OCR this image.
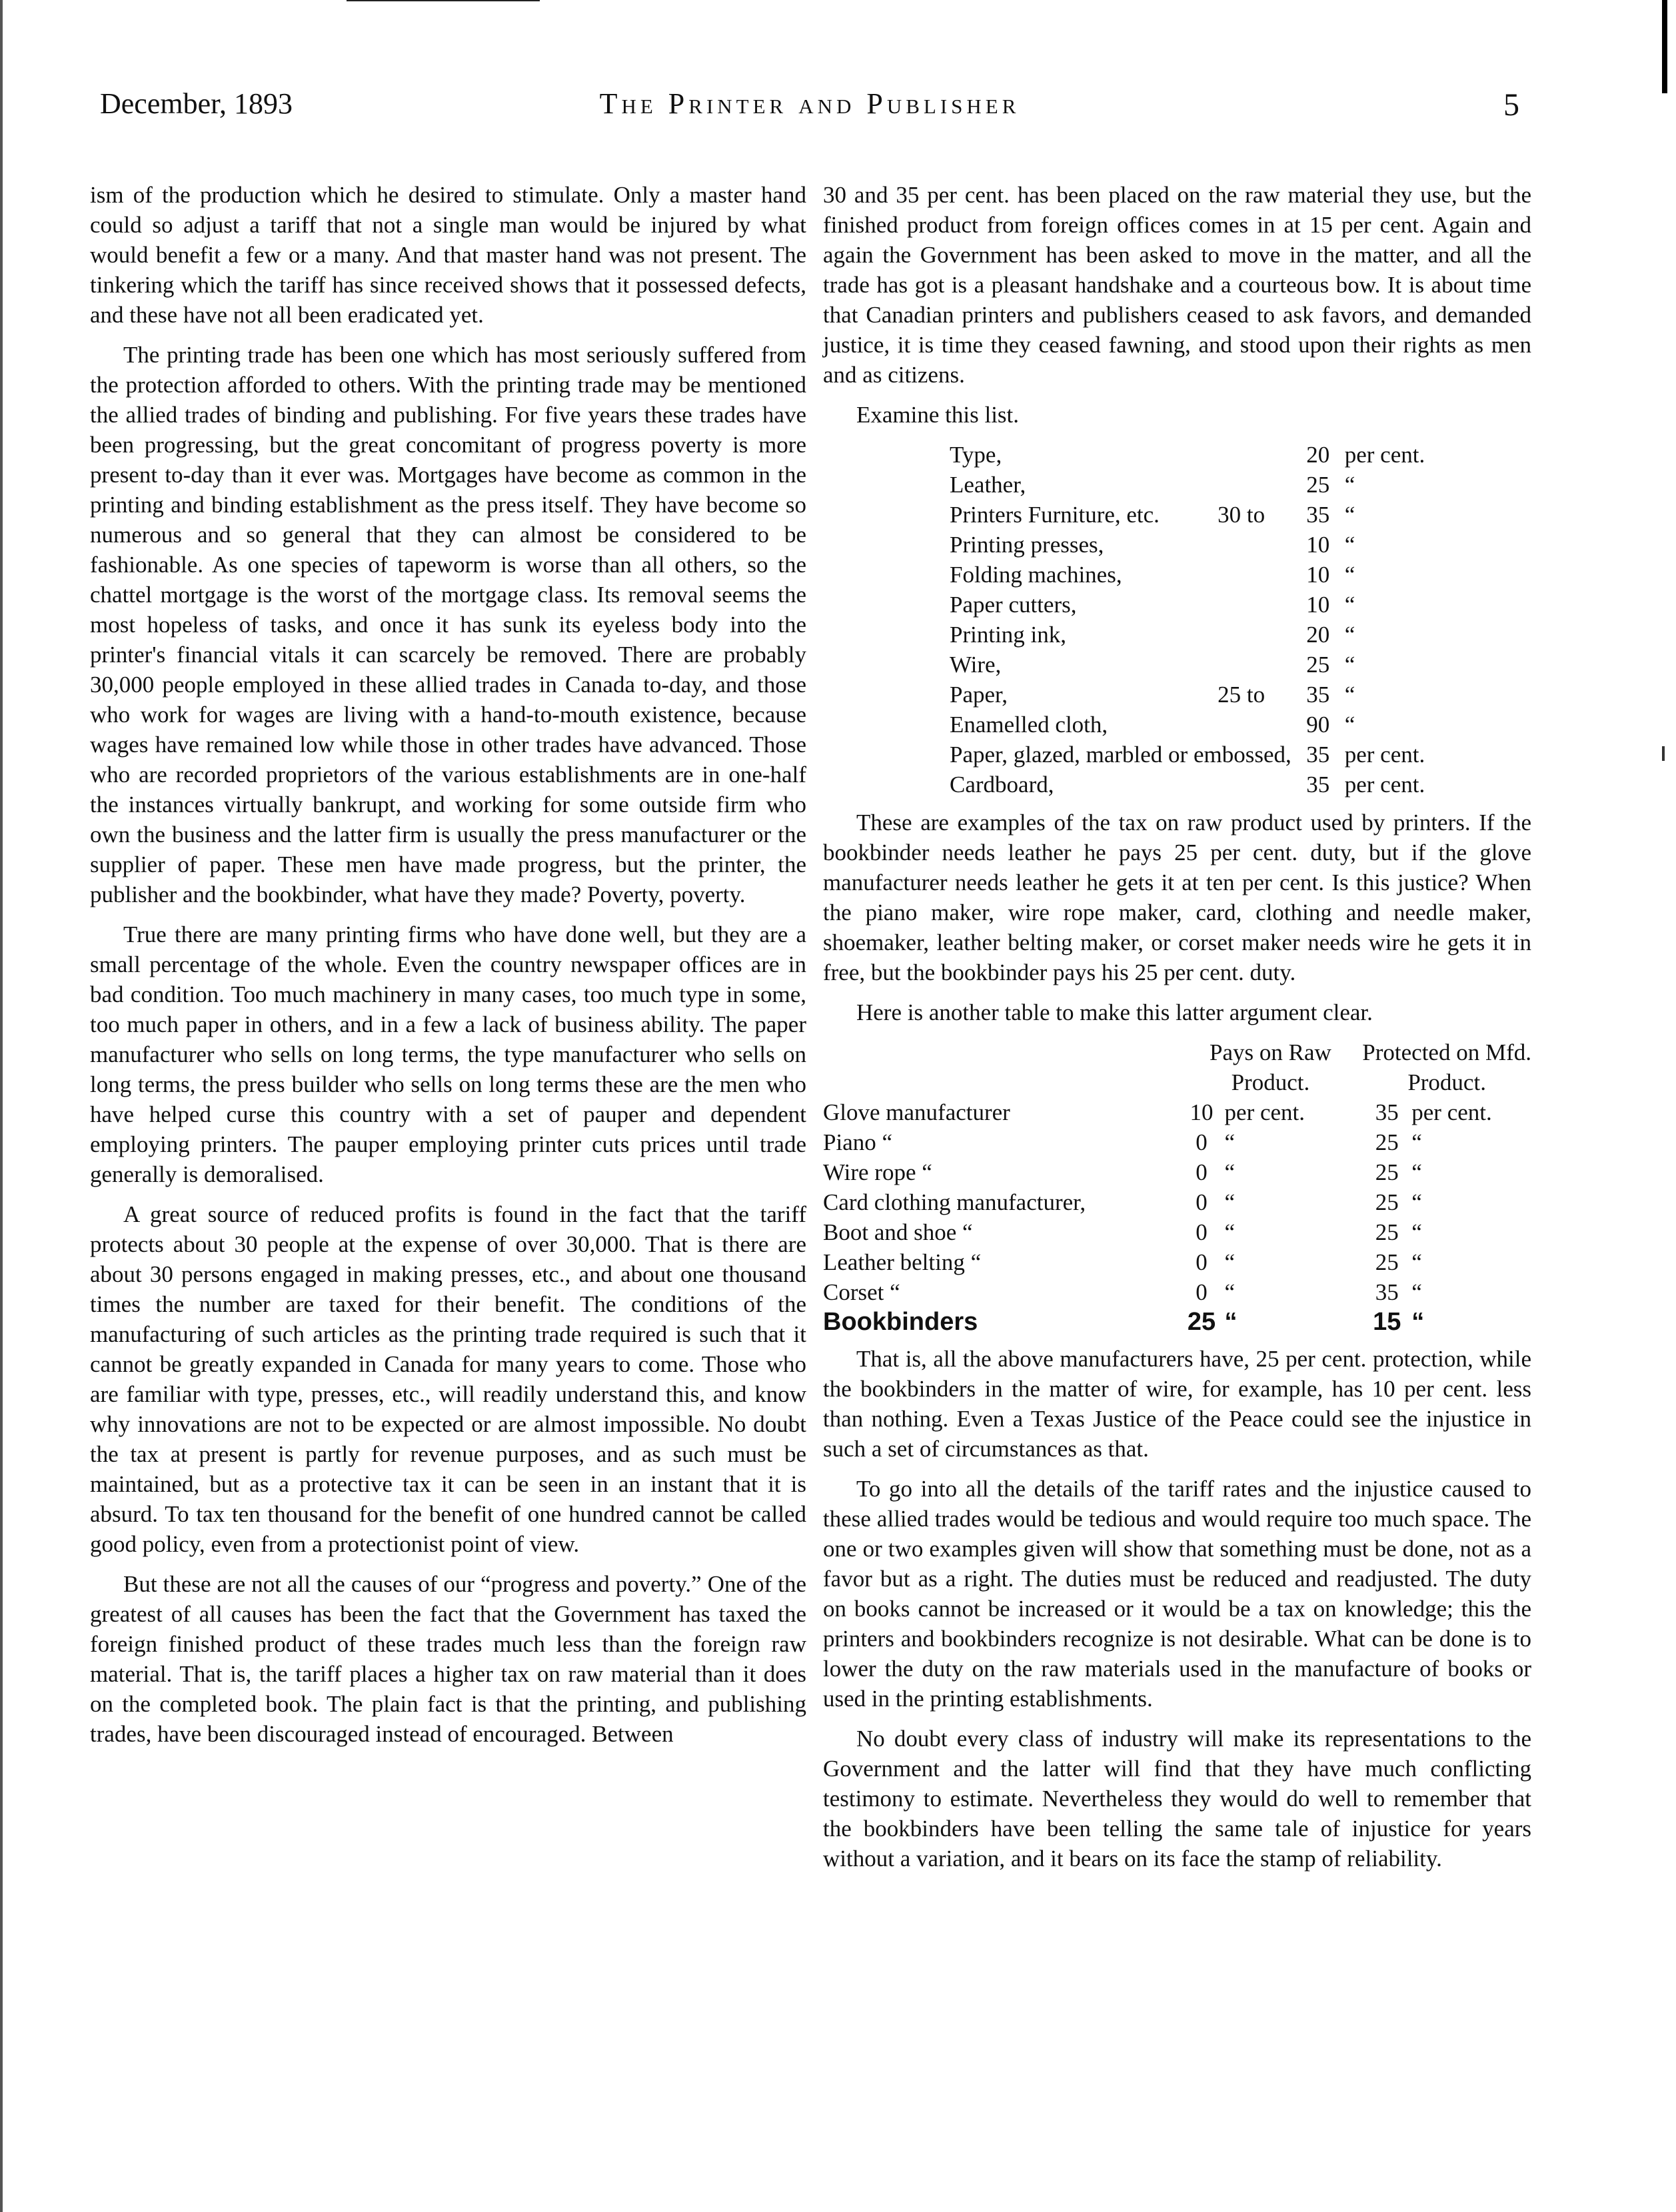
December, 1893	The Printer and Publisher	5

ism of the production which he desired to stimulate. Only a master hand could so adjust a tariff that not a single man would be injured by what would benefit a few or a many. And that master hand was not present. The tinkering which the tariff has since received shows that it possessed defects, and these have not all been eradicated yet.

The printing trade has been one which has most seriously suffered from the protection afforded to others. With the printing trade may be mentioned the allied trades of binding and publishing. For five years these trades have been progressing, but the great concomitant of progress poverty is more present to-day than it ever was. Mortgages have become as common in the printing and binding establishment as the press itself. They have become so numerous and so general that they can almost be considered to be fashionable. As one species of tapeworm is worse than all others, so the chattel mortgage is the worst of the mortgage class. Its removal seems the most hopeless of tasks, and once it has sunk its eyeless body into the printer's financial vitals it can scarcely be removed. There are probably 30,000 people employed in these allied trades in Canada to-day, and those who work for wages are living with a hand-to-mouth existence, because wages have remained low while those in other trades have advanced. Those who are recorded proprietors of the various establishments are in one-half the instances virtually bankrupt, and working for some outside firm who own the business and the latter firm is usually the press manufacturer or the supplier of paper. These men have made progress, but the printer, the publisher and the bookbinder, what have they made? Poverty, poverty.

True there are many printing firms who have done well, but they are a small percentage of the whole. Even the country newspaper offices are in bad condition. Too much machinery in many cases, too much type in some, too much paper in others, and in a few a lack of business ability. The paper manufacturer who sells on long terms, the type manufacturer who sells on long terms, the press builder who sells on long terms these are the men who have helped curse this country with a set of pauper and dependent employing printers. The pauper employing printer cuts prices until trade generally is demoralised.

A great source of reduced profits is found in the fact that the tariff protects about 30 people at the expense of over 30,000. That is there are about 30 persons engaged in making presses, etc., and about one thousand times the number are taxed for their benefit. The conditions of the manufacturing of such articles as the printing trade required is such that it cannot be greatly expanded in Canada for many years to come. Those who are familiar with type, presses, etc., will readily understand this, and know why innovations are not to be expected or are almost impossible. No doubt the tax at present is partly for revenue purposes, and as such must be maintained, but as a protective tax it can be seen in an instant that it is absurd. To tax ten thousand for the benefit of one hundred cannot be called good policy, even from a protectionist point of view.

But these are not all the causes of our “progress and poverty.” One of the greatest of all causes has been the fact that the Government has taxed the foreign finished product of these trades much less than the foreign raw material. That is, the tariff places a higher tax on raw material than it does on the completed book. The plain fact is that the printing, and publishing trades, have been discouraged instead of encouraged. Between

30 and 35 per cent. has been placed on the raw material they use, but the finished product from foreign offices comes in at 15 per cent. Again and again the Government has been asked to move in the matter, and all the trade has got is a pleasant handshake and a courteous bow. It is about time that Canadian printers and publishers ceased to ask favors, and demanded justice, it is time they ceased fawning, and stood upon their rights as men and as citizens.

Examine this list.

Type,		20	per cent.
Leather,		25	“
Printers Furniture, etc.	30 to	35	“
Printing presses,		10	“
Folding machines,		10	“
Paper cutters,		10	“
Printing ink,		20	“
Wire,		25	“
Paper,	25 to	35	“
Enamelled cloth,		90	“
Paper, glazed, marbled or embossed,		35	per cent.
Cardboard,		35	per cent.

These are examples of the tax on raw product used by printers. If the bookbinder needs leather he pays 25 per cent. duty, but if the glove manufacturer needs leather he gets it at ten per cent. Is this justice? When the piano maker, wire rope maker, card, clothing and needle maker, shoemaker, leather belting maker, or corset maker needs wire he gets it in free, but the bookbinder pays his 25 per cent. duty.

Here is another table to make this latter argument clear.

	Pays on Raw		Protected on Mfd.	
	Product.		Product.	
Glove manufacturer	10	per cent.	35	per cent.
Piano “	0	“	25	“
Wire rope “	0	“	25	“
Card clothing manufacturer,	0	“	25	“
Boot and shoe “	0	“	25	“
Leather belting “	0	“	25	“
Corset “	0	“	35	“
Bookbinders	25	“	15	“

That is, all the above manufacturers have, 25 per cent. protection, while the bookbinders in the matter of wire, for example, has 10 per cent. less than nothing. Even a Texas Justice of the Peace could see the injustice in such a set of circumstances as that.

To go into all the details of the tariff rates and the injustice caused to these allied trades would be tedious and would require too much space. The one or two examples given will show that something must be done, not as a favor but as a right. The duties must be reduced and readjusted. The duty on books cannot be increased or it would be a tax on knowledge; this the printers and bookbinders recognize is not desirable. What can be done is to lower the duty on the raw materials used in the manufacture of books or used in the printing establishments.

No doubt every class of industry will make its representations to the Government and the latter will find that they have much conflicting testimony to estimate. Nevertheless they would do well to remember that the bookbinders have been telling the same tale of injustice for years without a variation, and it bears on its face the stamp of reliability.
